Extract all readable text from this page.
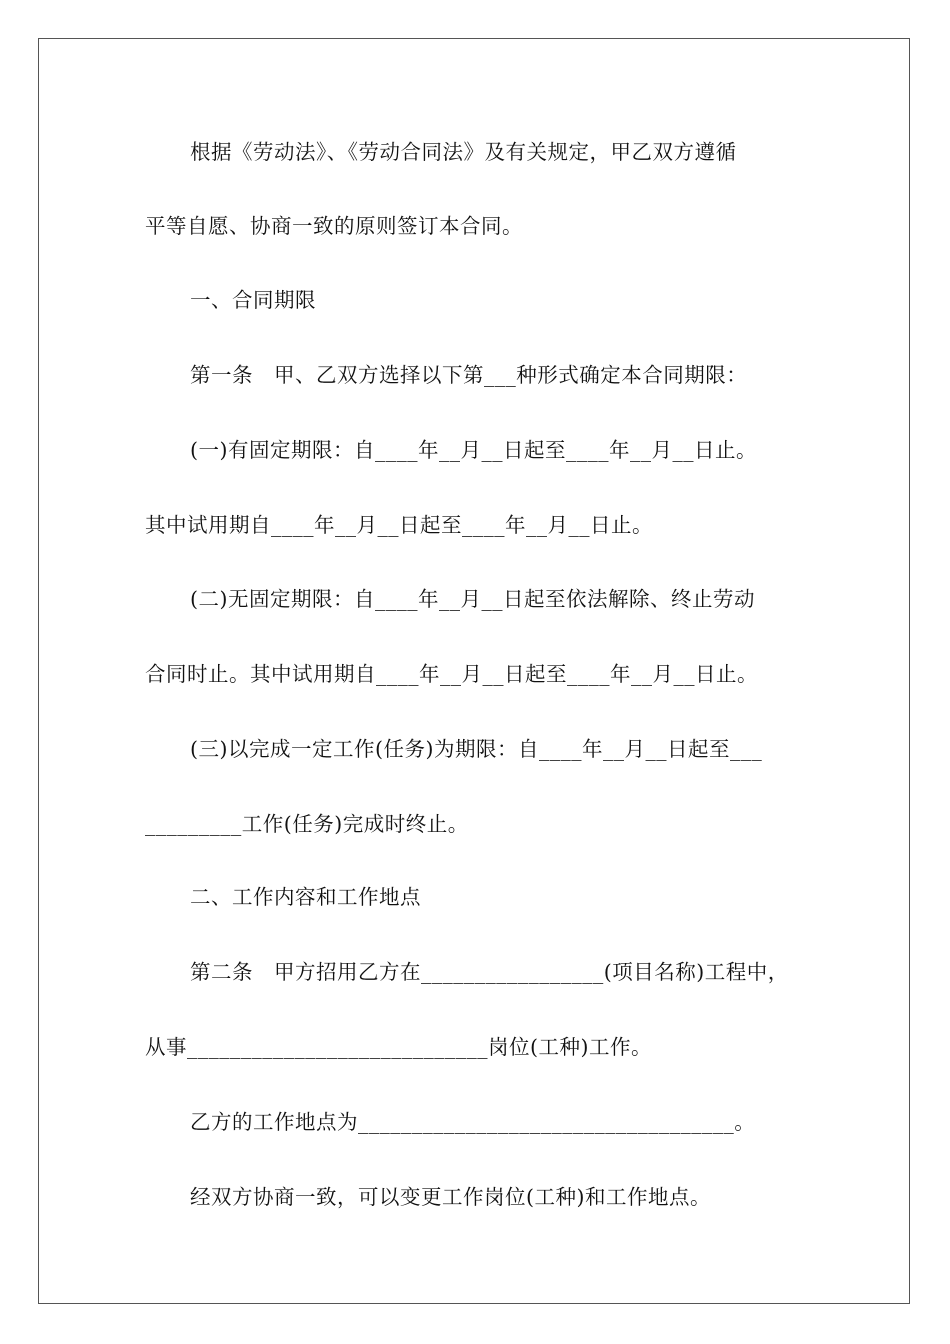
根据《劳动法》、《劳动合同法》及有关规定，甲乙双方遵循
平等自愿、协商一致的原则签订本合同。
一、合同期限
第一条　甲、乙双方选择以下第___种形式确定本合同期限：
(一)有固定期限：自____年__月__日起至____年__月__日止。
其中试用期自____年__月__日起至____年__月__日止。
(二)无固定期限：自____年__月__日起至依法解除、终止劳动
合同时止。其中试用期自____年__月__日起至____年__月__日止。
(三)以完成一定工作(任务)为期限：自____年__月__日起至___
_________工作(任务)完成时终止。
二、工作内容和工作地点
第二条　甲方招用乙方在_________________(项目名称)工程中，
从事____________________________岗位(工种)工作。
乙方的工作地点为___________________________________。
经双方协商一致，可以变更工作岗位(工种)和工作地点。
